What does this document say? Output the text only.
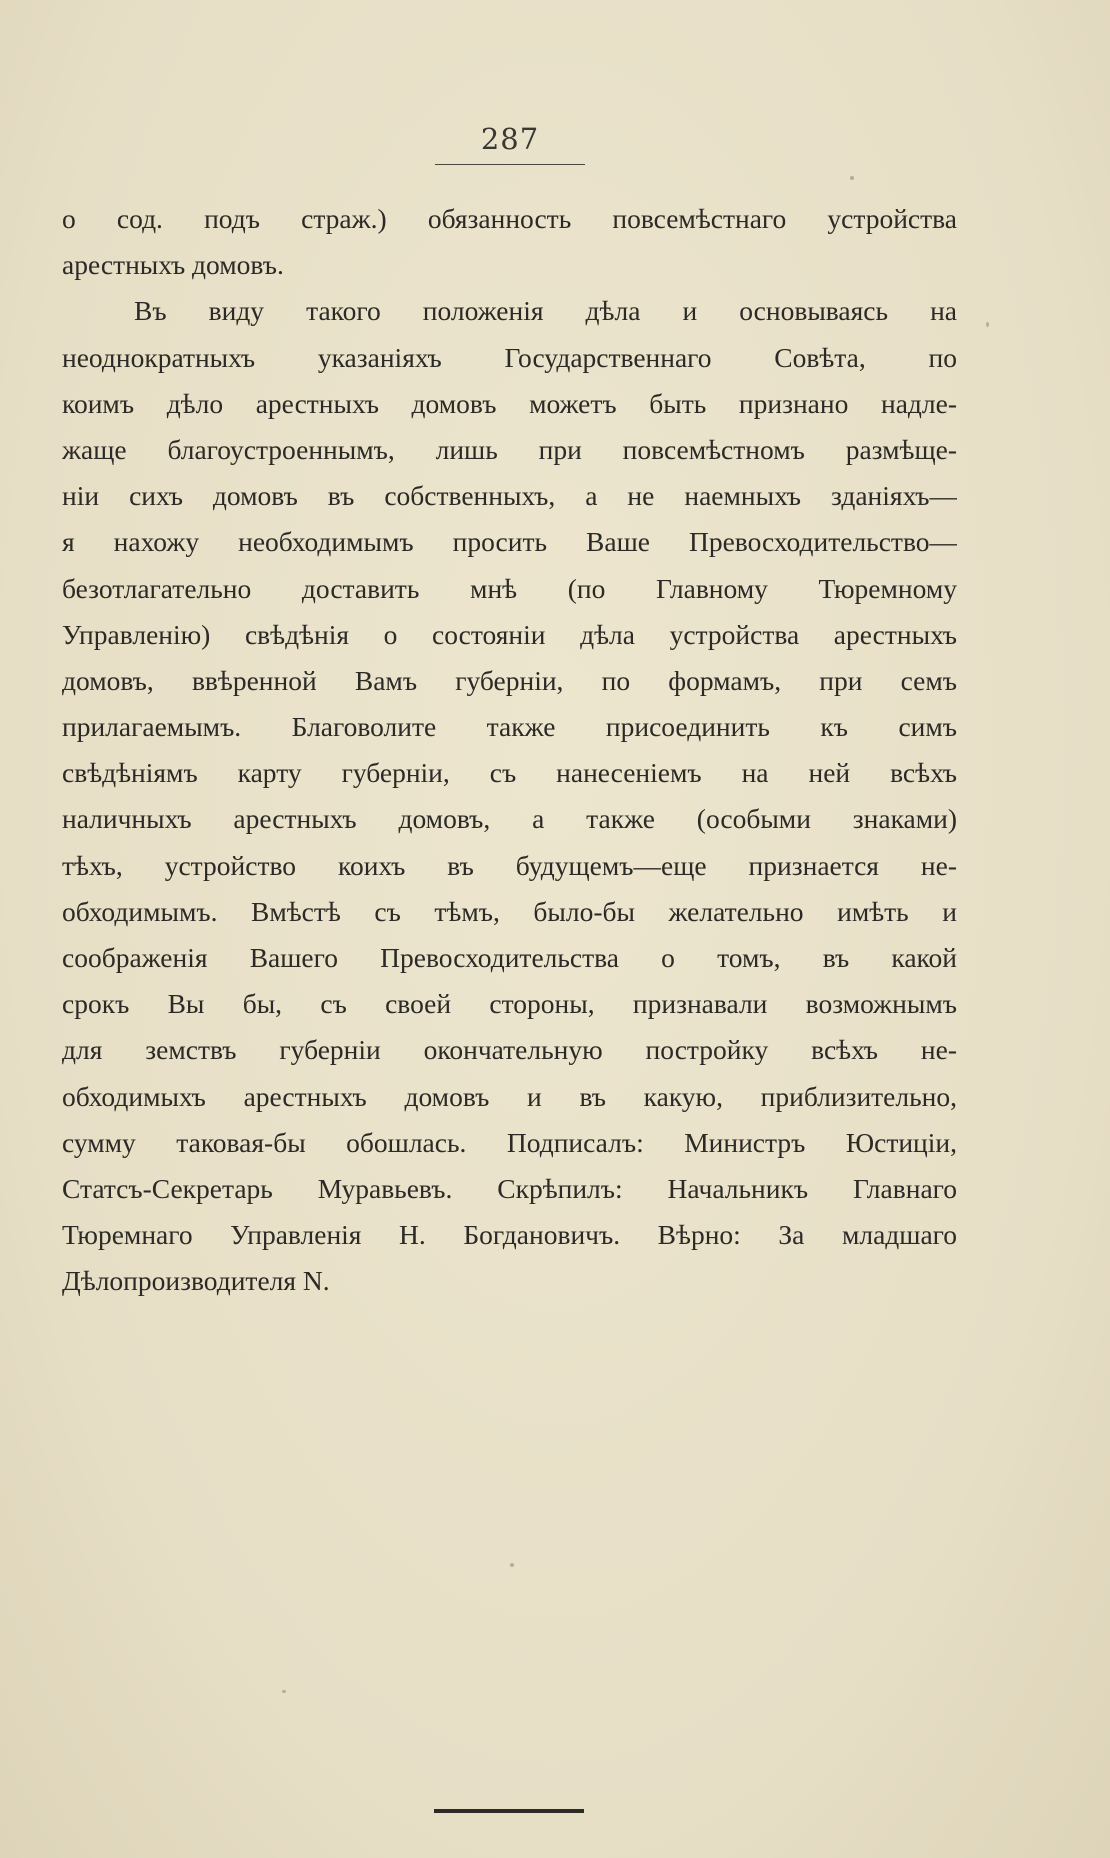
287
о сод. подъ страж.) обязанность повсемѣстнаго устройства
арестныхъ домовъ.
Въ виду такого положенія дѣла и основываясь на
неоднократныхъ указаніяхъ Государственнаго Совѣта, по
коимъ дѣло арестныхъ домовъ можетъ быть признано надле-
жаще благоустроеннымъ, лишь при повсемѣстномъ размѣще-
ніи сихъ домовъ въ собственныхъ, а не наемныхъ зданіяхъ—
я нахожу необходимымъ просить Ваше Превосходительство—
безотлагательно доставить мнѣ (по Главному Тюремному
Управленію) свѣдѣнія о состояніи дѣла устройства арестныхъ
домовъ, ввѣренной Вамъ губерніи, по формамъ, при семъ
прилагаемымъ. Благоволите также присоединить къ симъ
свѣдѣніямъ карту губерніи, съ нанесеніемъ на ней всѣхъ
наличныхъ арестныхъ домовъ, а также (особыми знаками)
тѣхъ, устройство коихъ въ будущемъ—еще признается не-
обходимымъ. Вмѣстѣ съ тѣмъ, было-бы желательно имѣть и
соображенія Вашего Превосходительства о томъ, въ какой
срокъ Вы бы, съ своей стороны, признавали возможнымъ
для земствъ губерніи окончательную постройку всѣхъ не-
обходимыхъ арестныхъ домовъ и въ какую, приблизительно,
сумму таковая-бы обошлась. Подписалъ: Министръ Юстиціи,
Статсъ-Секретарь Муравьевъ. Скрѣпилъ: Начальникъ Главнаго
Тюремнаго Управленія Н. Богдановичъ. Вѣрно: За младшаго
Дѣлопроизводителя N.
